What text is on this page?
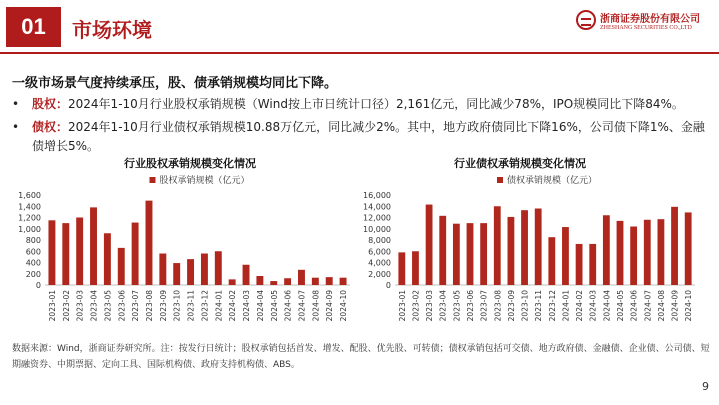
01 市场环境	浙商证券股份有限公司
ZHESHANG SECURITIES CO.,LTD
一级市场景气度持续承压，股、债承销规模均同比下降。
• 股权：2024年1-10月行业股权承销规模（Wind按上市日统计口径）2,161亿元，同比减少78%，IPO规模同比下降84%。
• 债权：2024年1-10月行业债权承销规模10.88万亿元，同比减少2%。其中，地方政府债同比下降16%，公司债下降1%、金融债增长5%。
行业股权承销规模变化情况	行业债权承销规模变化情况
股权承销规模（亿元）
0
200
400
600
800
1,000
1,200
1,400
1,600
2023-01 2023-02 2023-03 2023-04 2023-05 2023-06 2023-07 2023-08 2023-09 2023-10 2023-11 2023-12 2024-01 2024-02 2024-03 2024-04 2024-05 2024-06 2024-07 2024-08 2024-09 2024-10
债权承销规模（亿元）
0
2,000
4,000
6,000
8,000
10,000
12,000
14,000
16,000
2023-01 2023-02 2023-03 2023-04 2023-05 2023-06 2023-07 2023-08 2023-09 2023-10 2023-11 2023-12 2024-01 2024-02 2024-03 2024-04 2024-05 2024-06 2024-07 2024-08 2024-09 2024-10
数据来源：Wind，浙商证券研究所。注：按发行日统计；股权承销包括首发、增发、配股、优先股、可转债；债权承销包括可交债、地方政府债、金融债、企业债、公司债、短期融资券、中期票据、定向工具、国际机构债、政府支持机构债、ABS。
9
